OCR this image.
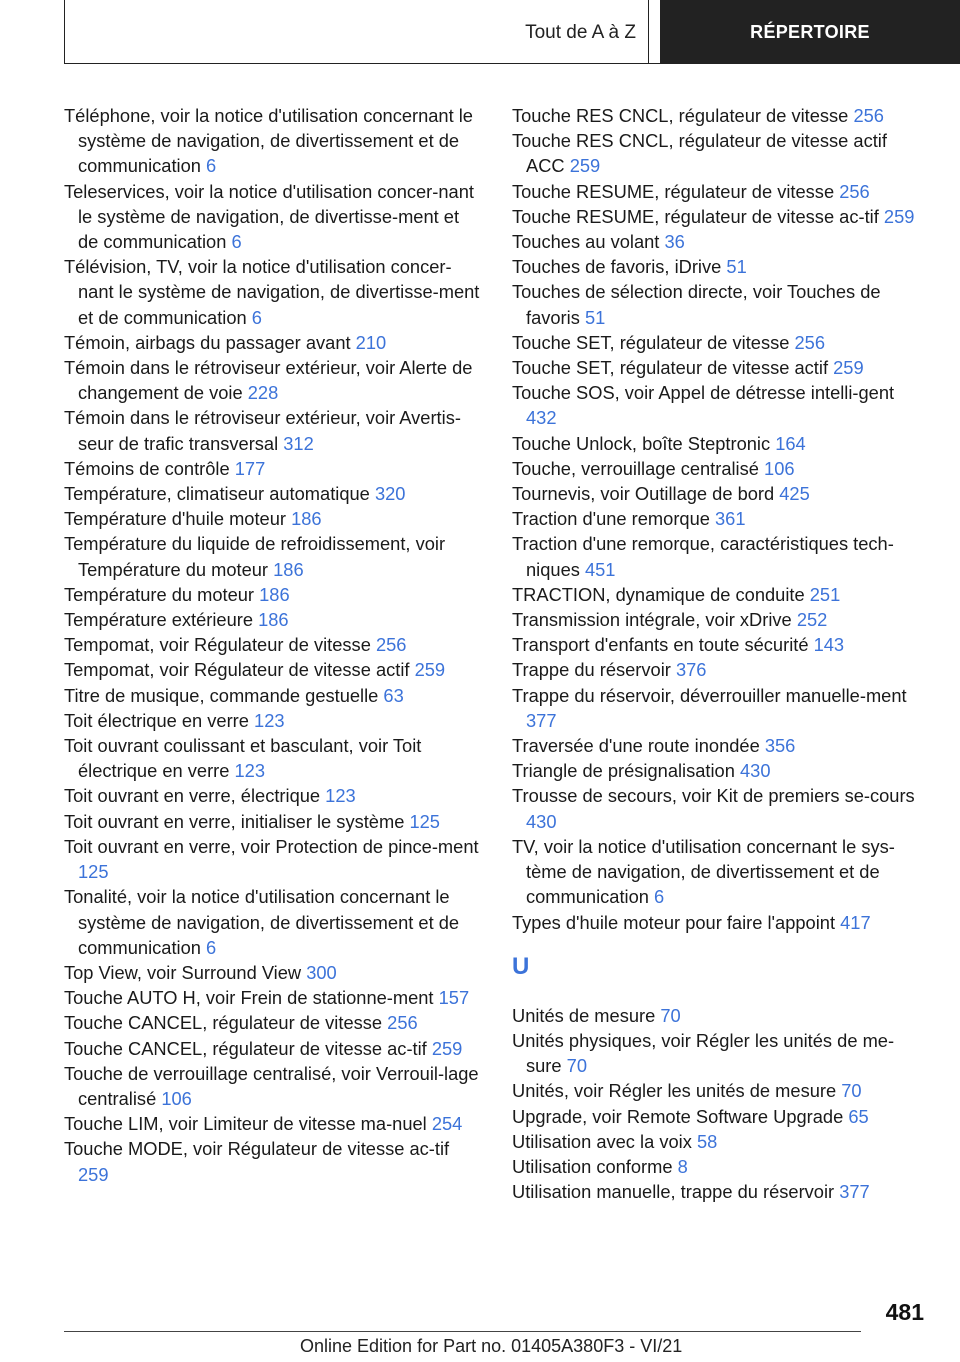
Tout de A à Z	RÉPERTOIRE

Téléphone, voir la notice d'utilisation concernant le système de navigation, de divertissement et de communication 6

Teleservices, voir la notice d'utilisation concer-nant le système de navigation, de divertisse-ment et de communication 6

Télévision, TV, voir la notice d'utilisation concer-nant le système de navigation, de divertisse-ment et de communication 6

Témoin, airbags du passager avant 210

Témoin dans le rétroviseur extérieur, voir Alerte de changement de voie 228

Témoin dans le rétroviseur extérieur, voir Avertis-seur de trafic transversal 312

Témoins de contrôle 177

Température, climatiseur automatique 320

Température d'huile moteur 186

Température du liquide de refroidissement, voir Température du moteur 186

Température du moteur 186

Température extérieure 186

Tempomat, voir Régulateur de vitesse 256

Tempomat, voir Régulateur de vitesse actif 259

Titre de musique, commande gestuelle 63

Toit électrique en verre 123

Toit ouvrant coulissant et basculant, voir Toit électrique en verre 123

Toit ouvrant en verre, électrique 123

Toit ouvrant en verre, initialiser le système 125

Toit ouvrant en verre, voir Protection de pince-ment 125

Tonalité, voir la notice d'utilisation concernant le système de navigation, de divertissement et de communication 6

Top View, voir Surround View 300

Touche AUTO H, voir Frein de stationne-ment 157

Touche CANCEL, régulateur de vitesse 256

Touche CANCEL, régulateur de vitesse ac-tif 259

Touche de verrouillage centralisé, voir Verrouil-lage centralisé 106

Touche LIM, voir Limiteur de vitesse ma-nuel 254

Touche MODE, voir Régulateur de vitesse ac-tif 259

Touche RES CNCL, régulateur de vitesse 256

Touche RES CNCL, régulateur de vitesse actif ACC 259

Touche RESUME, régulateur de vitesse 256

Touche RESUME, régulateur de vitesse ac-tif 259

Touches au volant 36

Touches de favoris, iDrive 51

Touches de sélection directe, voir Touches de favoris 51

Touche SET, régulateur de vitesse 256

Touche SET, régulateur de vitesse actif 259

Touche SOS, voir Appel de détresse intelli-gent 432

Touche Unlock, boîte Steptronic 164

Touche, verrouillage centralisé 106

Tournevis, voir Outillage de bord 425

Traction d'une remorque 361

Traction d'une remorque, caractéristiques tech-niques 451

TRACTION, dynamique de conduite 251

Transmission intégrale, voir xDrive 252

Transport d'enfants en toute sécurité 143

Trappe du réservoir 376

Trappe du réservoir, déverrouiller manuelle-ment 377

Traversée d'une route inondée 356

Triangle de présignalisation 430

Trousse de secours, voir Kit de premiers se-cours 430

TV, voir la notice d'utilisation concernant le sys-tème de navigation, de divertissement et de communication 6

Types d'huile moteur pour faire l'appoint 417

U

Unités de mesure 70

Unités physiques, voir Régler les unités de me-sure 70

Unités, voir Régler les unités de mesure 70

Upgrade, voir Remote Software Upgrade 65

Utilisation avec la voix 58

Utilisation conforme 8

Utilisation manuelle, trappe du réservoir 377

481
Online Edition for Part no. 01405A380F3 - VI/21
